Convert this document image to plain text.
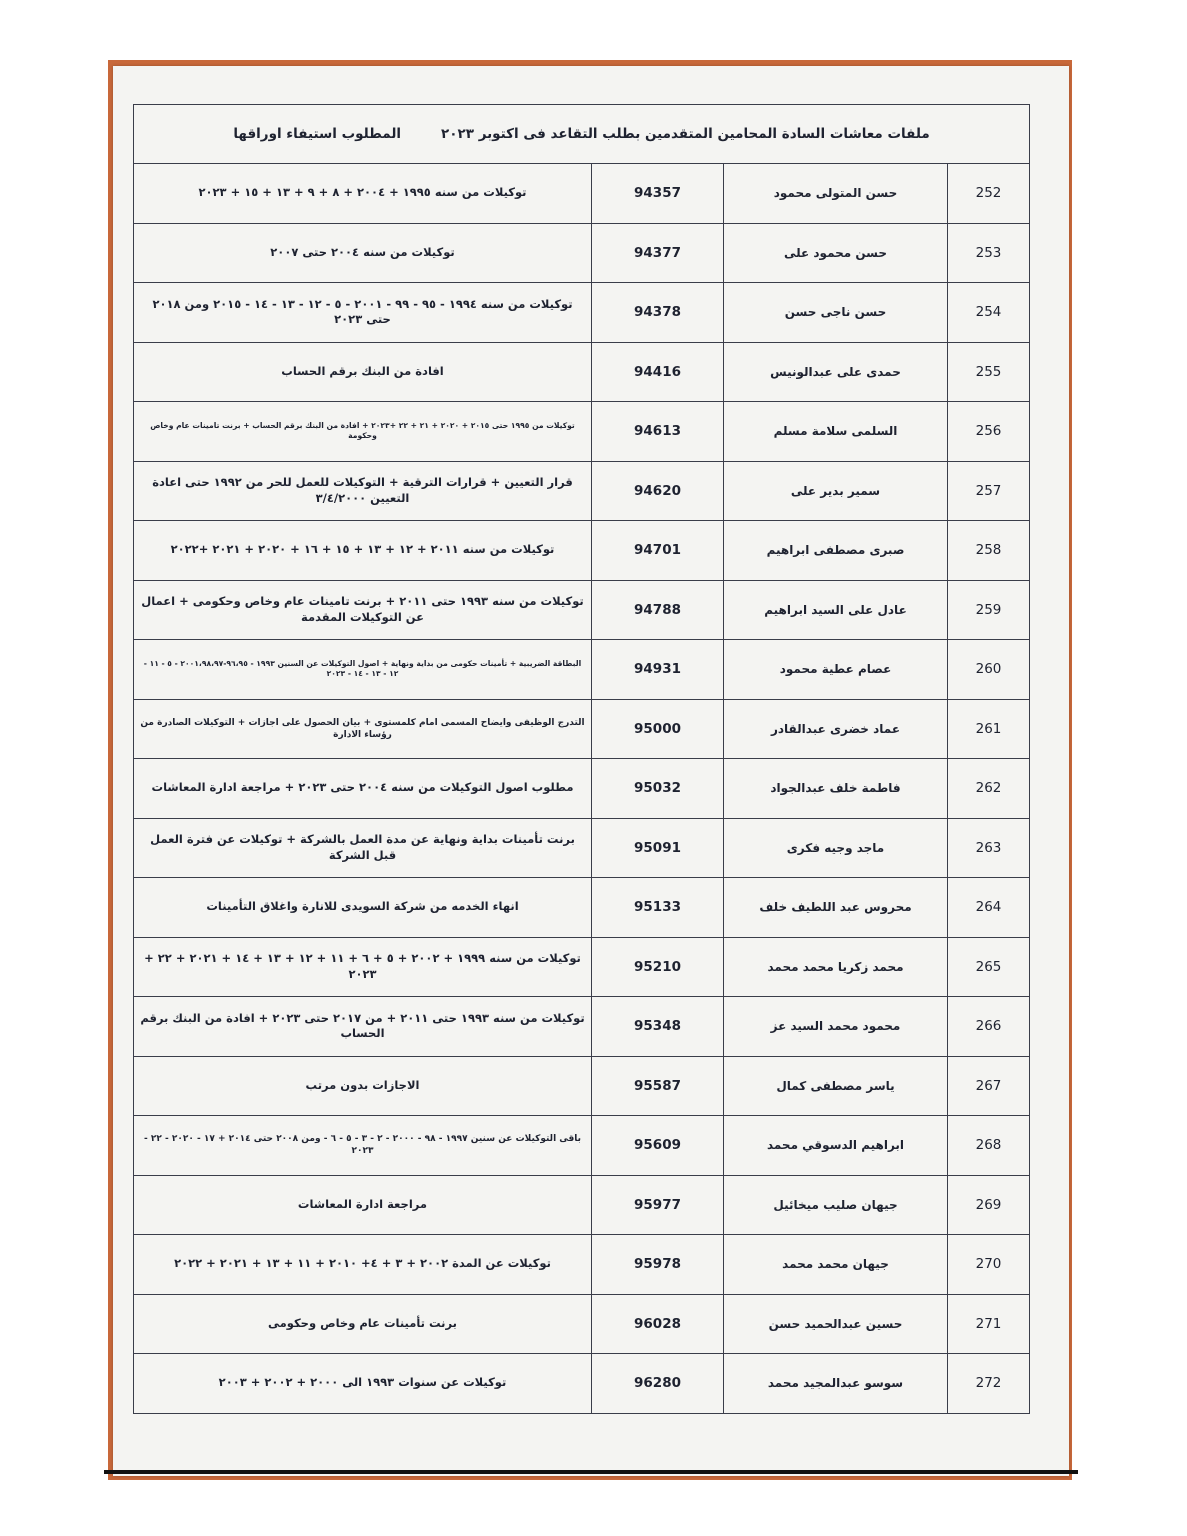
ملفات معاشات السادة المحامين المتقدمين بطلب التقاعد فى اكتوبر ٢٠٢٣المطلوب استيفاء اوراقها			
توكيلات من سنه ١٩٩٥ + ٢٠٠٤ + ٨ + ٩ + ١٣ + ١٥ + ٢٠٢٣	94357	حسن المتولى محمود	252
توكيلات من سنه ٢٠٠٤ حتى ٢٠٠٧	94377	حسن محمود على	253
توكيلات من سنه ١٩٩٤ - ٩٥ - ٩٩ - ٢٠٠١ - ٥ - ١٢ - ١٣ - ١٤ - ٢٠١٥ ومن ٢٠١٨ حتى ٢٠٢٣	94378	حسن ناجى حسن	254
افادة من البنك برقم الحساب	94416	حمدى على عبدالونيس	255
توكيلات من ١٩٩٥ حتى ٢٠١٥ + ٢٠٢٠ + ٢١ + ٢٢ +٢٠٢٣ + افادة من البنك برقم الحساب + برنت تامينات عام وخاص وحكومة	94613	السلمى سلامة مسلم	256
قرار التعيين + قرارات الترقية + التوكيلات للعمل للحر من ١٩٩٢ حتى اعادة التعيين ٣/٤/٢٠٠٠	94620	سمير بدير على	257
توكيلات من سنه ٢٠١١ + ١٢ + ١٣ + ١٥ + ١٦ + ٢٠٢٠ + ٢٠٢١ +٢٠٢٢	94701	صبرى مصطفى ابراهيم	258
توكيلات من سنه ١٩٩٣ حتى ٢٠١١ + برنت تامينات عام وخاص وحكومى + اعمال عن التوكيلات المقدمة	94788	عادل على السيد ابراهيم	259
البطاقة الضريبية + تأمينات حكومى من بداية ونهاية + اصول التوكيلات عن السنين ١٩٩٣ - ٩٦،٩٥-٢٠٠١،٩٨،٩٧ - ٥ - ١١ - ١٢ - ١٣ - ١٤ - ٢٠٢٣	94931	عصام عطية محمود	260
التدرج الوظيفى وايضاح المسمى امام كلمستوى + بيان الحصول على اجازات + التوكيلات الصادرة من رؤساء الادارة	95000	عماد خضرى عبدالقادر	261
مطلوب اصول التوكيلات من سنه ٢٠٠٤ حتى ٢٠٢٣ + مراجعة ادارة المعاشات	95032	فاطمة خلف عبدالجواد	262
برنت تأمينات بداية ونهاية عن مدة العمل بالشركة + توكيلات عن فترة العمل قبل الشركة	95091	ماجد وجيه فكرى	263
انهاء الخدمه من شركة السويدى للانارة واغلاق التأمينات	95133	محروس عبد اللطيف خلف	264
توكيلات من سنه ١٩٩٩ + ٢٠٠٢ + ٥ + ٦ + ١١ + ١٢ + ١٣ + ١٤ + ٢٠٢١ + ٢٢ + ٢٠٢٣	95210	محمد زكريا محمد محمد	265
توكيلات من سنه ١٩٩٣ حتى ٢٠١١ + من ٢٠١٧ حتى ٢٠٢٣ + افادة من البنك برقم الحساب	95348	محمود محمد السيد عز	266
الاجازات بدون مرتب	95587	ياسر مصطفى كمال	267
باقى التوكيلات عن سنين ١٩٩٧ - ٩٨ - ٢٠٠٠ - ٢ - ٣ - ٥ - ٦ - ومن ٢٠٠٨ حتى ٢٠١٤ + ١٧ - ٢٠٢٠ - ٢٢ - ٢٠٢٣	95609	ابراهيم الدسوقي محمد	268
مراجعة ادارة المعاشات	95977	جيهان صليب ميخائيل	269
توكيلات عن المدة ٢٠٠٢ + ٣ + ٤+ ٢٠١٠ + ١١ + ١٣ + ٢٠٢١ + ٢٠٢٢	95978	جيهان محمد محمد	270
برنت تأمينات عام وخاص وحكومى	96028	حسين عبدالحميد حسن	271
توكيلات عن سنوات ١٩٩٣ الى ٢٠٠٠ + ٢٠٠٢ + ٢٠٠٣	96280	سوسو عبدالمجيد محمد	272
